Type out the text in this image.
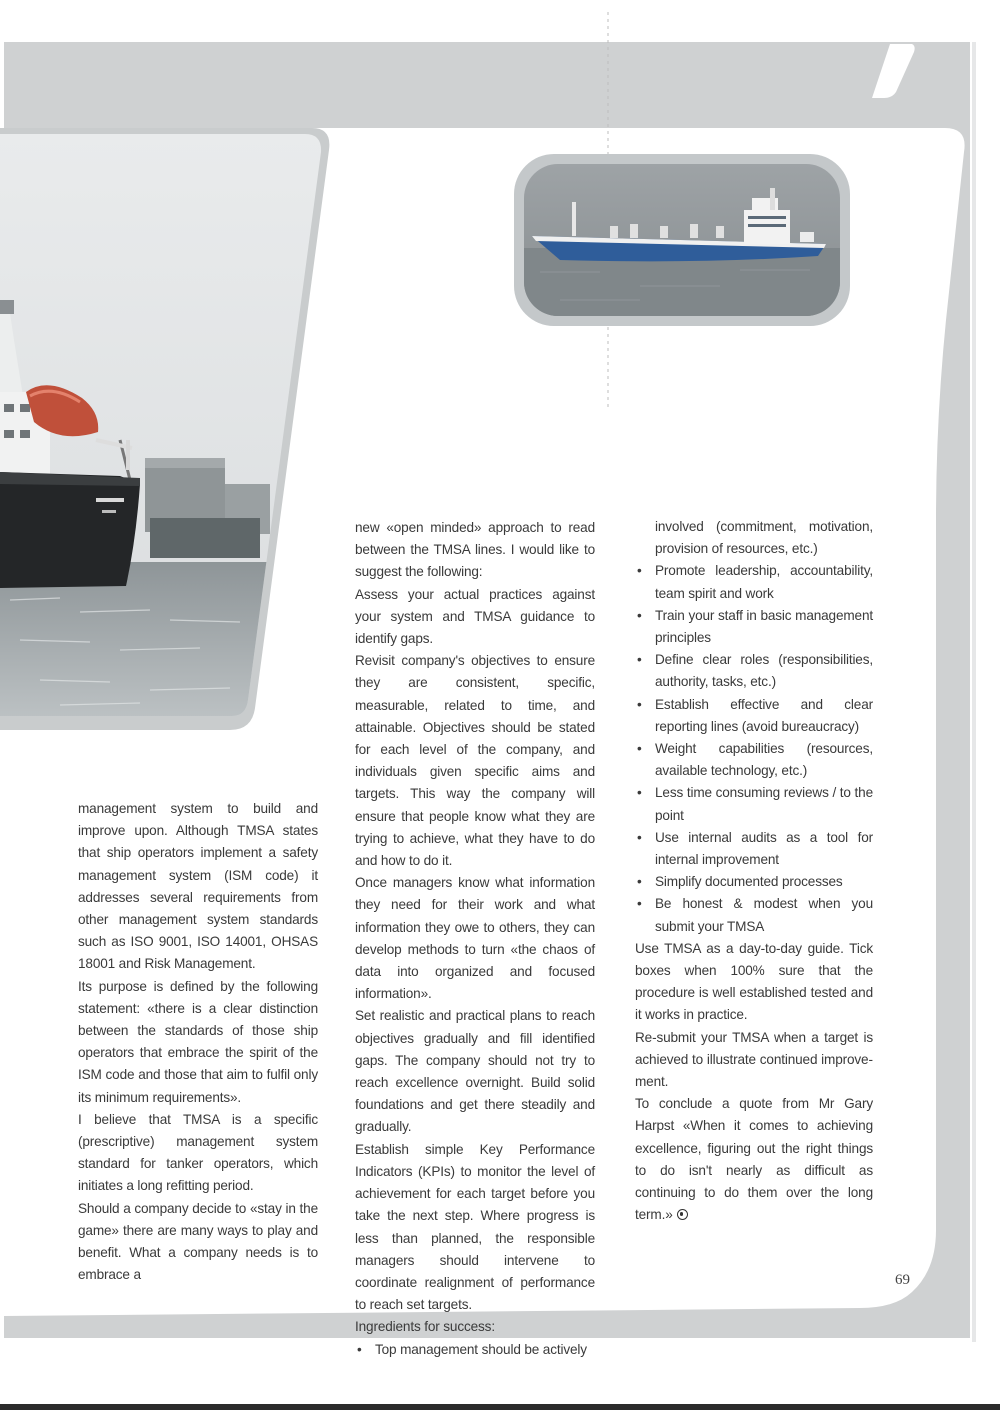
management system to build and improve upon. Although TMSA states that ship operators implement a safety management system (ISM code) it addresses several requirements from other management system standards such as ISO 9001, ISO 14001, OHSAS 18001 and Risk Management.

Its purpose is defined by the following statement: «there is a clear distinction between the standards of those ship operators that embrace the spirit of the ISM code and those that aim to fulfil only its minimum requirements».

I believe that TMSA is a specific (prescriptive) management system standard for tanker operators, which initiates a long refitting period.

Should a company decide to «stay in the game» there are many ways to play and benefit. What a company needs is to embrace a

new «open minded» approach to read between the TMSA lines. I would like to suggest the following:

Assess your actual practices against your system and TMSA guidance to identify gaps.

Revisit company's objectives to ensure they are consistent, specific, measurable, related to time, and attainable. Objectives should be stated for each level of the company, and individuals given specific aims and targets. This way the company will ensure that people know what they are trying to achieve, what they have to do and how to do it.

Once managers know what information they need for their work and what information they owe to others, they can develop methods to turn «the chaos of data into organized and focused information».

Set realistic and practical plans to reach objectives gradually and fill identified gaps. The company should not try to reach excellence overnight. Build solid foundations and get there steadily and gradually.

Establish simple Key Performance Indicators (KPIs) to monitor the level of achievement for each target before you take the next step. Where progress is less than planned, the responsible managers should intervene to coordinate realignment of performance to reach set targets.

Ingredients for success:

• Top management should be actively

involved (commitment, motivation, provision of resources, etc.)

• Promote leadership, accountability, team spirit and work
• Train your staff in basic management principles
• Define clear roles (responsibilities, authority, tasks, etc.)
• Establish effective and clear reporting lines (avoid bureaucracy)
• Weight capabilities (resources, available technology, etc.)
• Less time consuming reviews / to the point
• Use internal audits as a tool for internal improvement
• Simplify documented processes
• Be honest & modest when you submit your TMSA

Use TMSA as a day-to-day guide. Tick boxes when 100% sure that the procedure is well established tested and it works in practice.

Re-submit your TMSA when a target is achieved to illustrate continued improvement.

To conclude a quote from Mr Gary Harpst «When it comes to achieving excellence, figuring out the right things to do isn't nearly as difficult as continuing to do them over the long term.»

69
